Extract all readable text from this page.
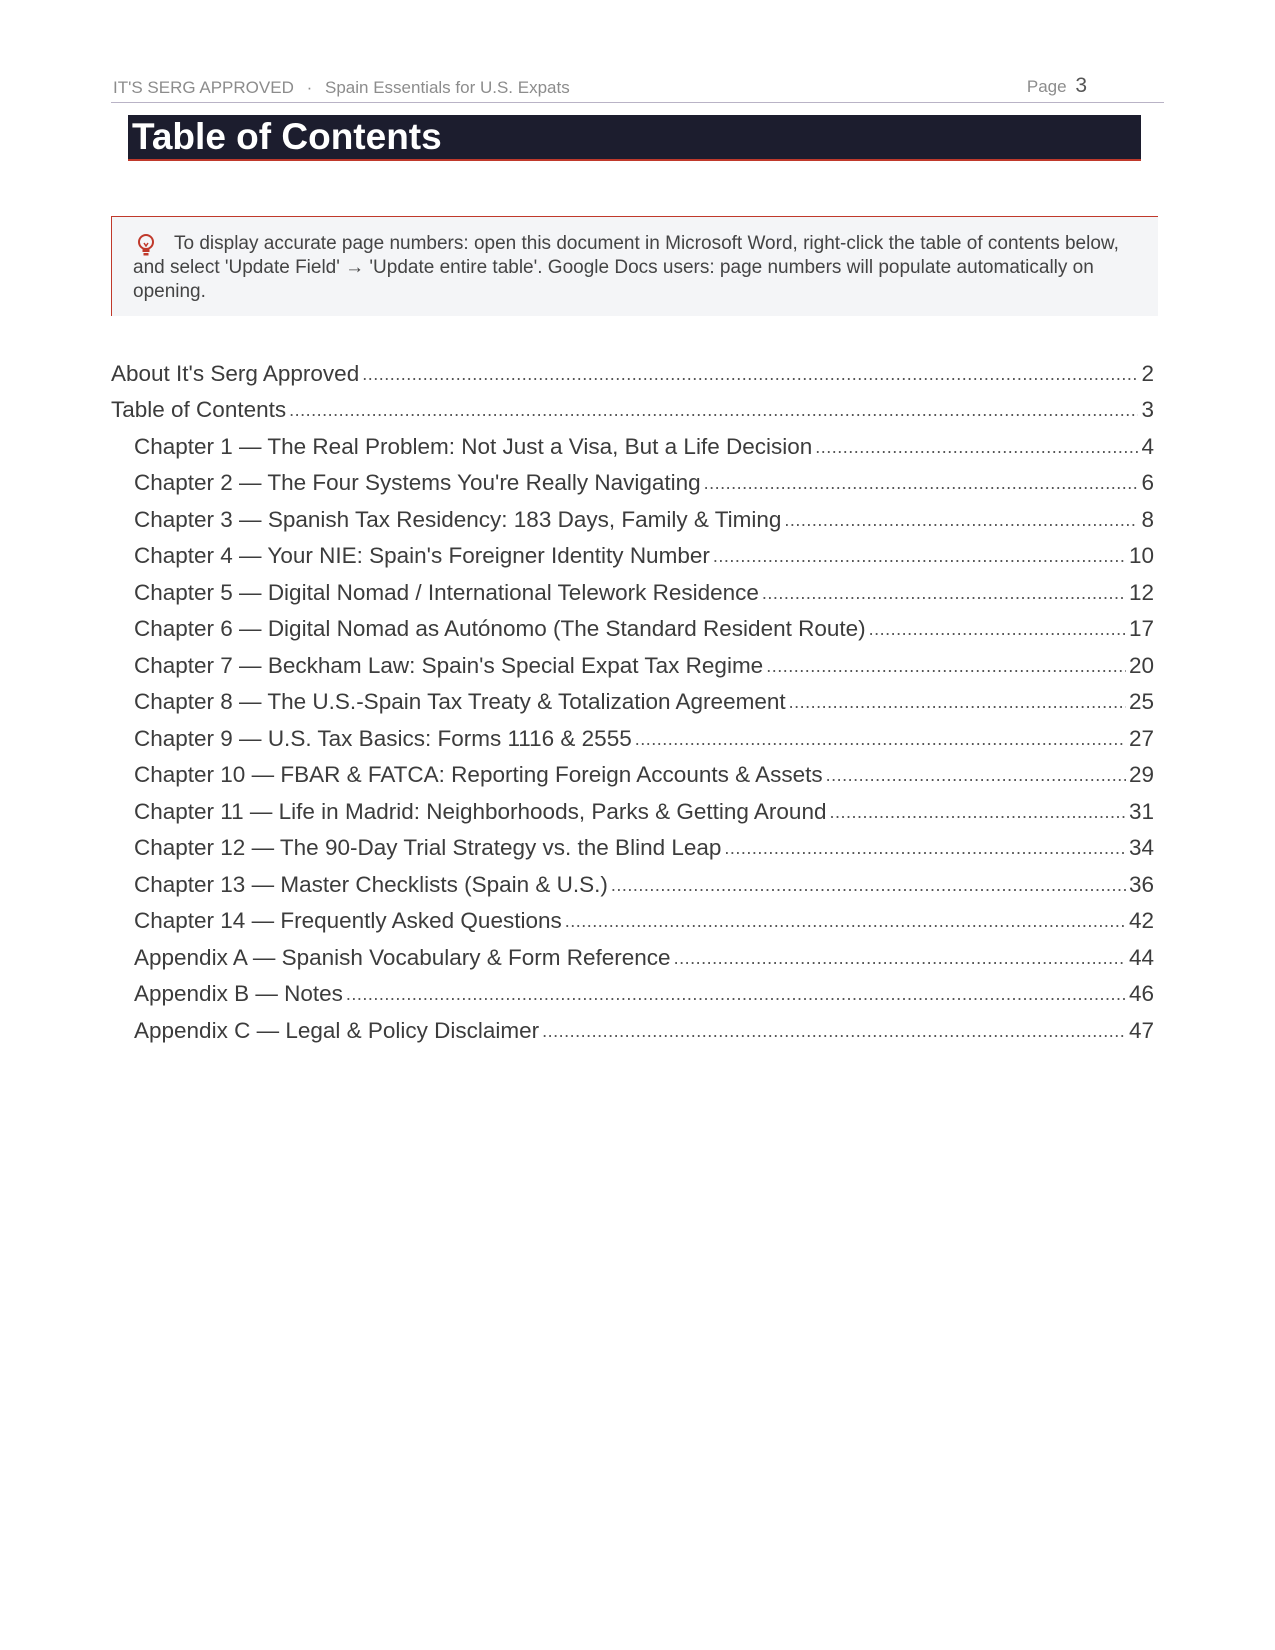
IT'S SERG APPROVED · Spain Essentials for U.S. Expats	Page 3
Table of Contents
To display accurate page numbers: open this document in Microsoft Word, right-click the table of contents below, and select 'Update Field' → 'Update entire table'. Google Docs users: page numbers will populate automatically on opening.
About It's Serg Approved .....	2
Table of Contents .....	3
Chapter 1 — The Real Problem: Not Just a Visa, But a Life Decision .....	4
Chapter 2 — The Four Systems You're Really Navigating .....	6
Chapter 3 — Spanish Tax Residency: 183 Days, Family & Timing .....	8
Chapter 4 — Your NIE: Spain's Foreigner Identity Number .....	10
Chapter 5 — Digital Nomad / International Telework Residence .....	12
Chapter 6 — Digital Nomad as Autónomo (The Standard Resident Route) .....	17
Chapter 7 — Beckham Law: Spain's Special Expat Tax Regime .....	20
Chapter 8 — The U.S.-Spain Tax Treaty & Totalization Agreement .....	25
Chapter 9 — U.S. Tax Basics: Forms 1116 & 2555 .....	27
Chapter 10 — FBAR & FATCA: Reporting Foreign Accounts & Assets .....	29
Chapter 11 — Life in Madrid: Neighborhoods, Parks & Getting Around .....	31
Chapter 12 — The 90-Day Trial Strategy vs. the Blind Leap .....	34
Chapter 13 — Master Checklists (Spain & U.S.) .....	36
Chapter 14 — Frequently Asked Questions .....	42
Appendix A — Spanish Vocabulary & Form Reference .....	44
Appendix B — Notes .....	46
Appendix C — Legal & Policy Disclaimer .....	47
